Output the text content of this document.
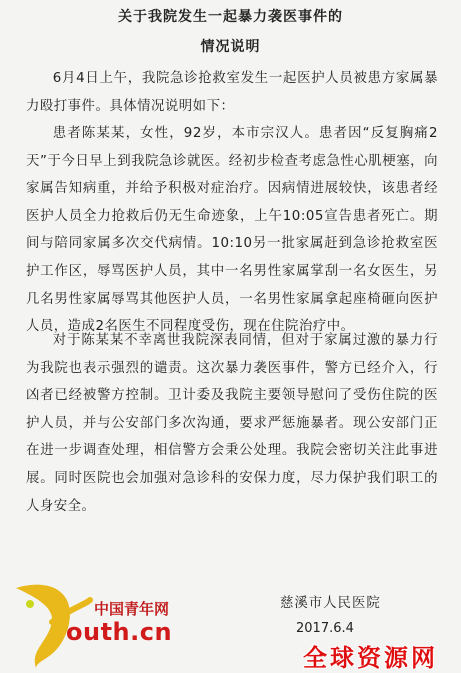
关于我院发生一起暴力袭医事件的
情况说明

6月4日上午，我院急诊抢救室发生一起医护人员被患方家属暴力殴打事件。具体情况说明如下：

患者陈某某，女性，92岁，本市宗汉人。患者因“反复胸痛2天”于今日早上到我院急诊就医。经初步检查考虑急性心肌梗塞，向家属告知病重，并给予积极对症治疗。因病情进展较快，该患者经医护人员全力抢救后仍无生命迹象，上午10:05宣告患者死亡。期间与陪同家属多次交代病情。10:10另一批家属赶到急诊抢救室医护工作区，辱骂医护人员，其中一名男性家属掌刮一名女医生，另几名男性家属辱骂其他医护人员，一名男性家属拿起座椅砸向医护人员，造成2名医生不同程度受伤，现在住院治疗中。

对于陈某某不幸离世我院深表同情，但对于家属过激的暴力行为我院也表示强烈的谴责。这次暴力袭医事件，警方已经介入，行凶者已经被警方控制。卫计委及我院主要领导慰问了受伤住院的医护人员，并与公安部门多次沟通，要求严惩施暴者。现公安部门正在进一步调查处理，相信警方会秉公处理。我院会密切关注此事进展。同时医院也会加强对急诊科的安保力度，尽力保护我们职工的人身安全。

慈溪市人民医院
2017.6.4
中国青年网
outh.cn
全球资源网
